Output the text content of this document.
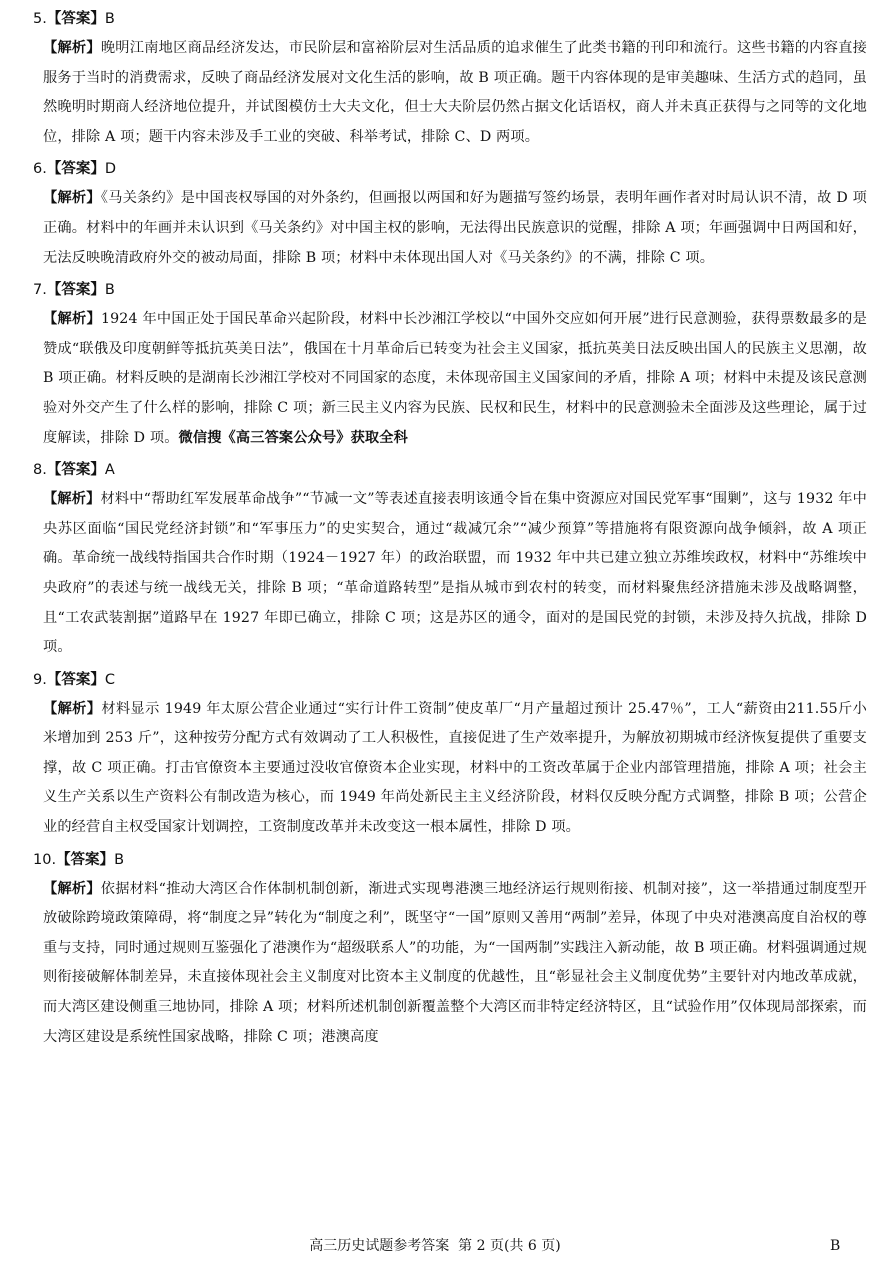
5.【答案】B

【解析】晚明江南地区商品经济发达，市民阶层和富裕阶层对生活品质的追求催生了此类书籍的刊印和流行。这些书籍的内容直接服务于当时的消费需求，反映了商品经济发展对文化生活的影响，故 B 项正确。题干内容体现的是审美趣味、生活方式的趋同，虽然晚明时期商人经济地位提升，并试图模仿士大夫文化，但士大夫阶层仍然占据文化话语权，商人并未真正获得与之同等的文化地位，排除 A 项；题干内容未涉及手工业的突破、科举考试，排除 C、D 两项。

6.【答案】D

【解析】《马关条约》是中国丧权辱国的对外条约，但画报以两国和好为题描写签约场景，表明年画作者对时局认识不清，故 D 项正确。材料中的年画并未认识到《马关条约》对中国主权的影响，无法得出民族意识的觉醒，排除 A 项；年画强调中日两国和好，无法反映晚清政府外交的被动局面，排除 B 项；材料中未体现出国人对《马关条约》的不满，排除 C 项。

7.【答案】B

【解析】1924 年中国正处于国民革命兴起阶段，材料中长沙湘江学校以“中国外交应如何开展”进行民意测验，获得票数最多的是赞成“联俄及印度朝鲜等抵抗英美日法”，俄国在十月革命后已转变为社会主义国家，抵抗英美日法反映出国人的民族主义思潮，故 B 项正确。材料反映的是湖南长沙湘江学校对不同国家的态度，未体现帝国主义国家间的矛盾，排除 A 项；材料中未提及该民意测验对外交产生了什么样的影响，排除 C 项；新三民主义内容为民族、民权和民生，材料中的民意测验未全面涉及这些理论，属于过度解读，排除 D 项。微信搜《高三答案公众号》获取全科

8.【答案】A

【解析】材料中“帮助红军发展革命战争”“节减一文”等表述直接表明该通令旨在集中资源应对国民党军事“围剿”，这与 1932 年中央苏区面临“国民党经济封锁”和“军事压力”的史实契合，通过“裁减冗余”“减少预算”等措施将有限资源向战争倾斜，故 A 项正确。革命统一战线特指国共合作时期（1924－1927 年）的政治联盟，而 1932 年中共已建立独立苏维埃政权，材料中“苏维埃中央政府”的表述与统一战线无关，排除 B 项；“革命道路转型”是指从城市到农村的转变，而材料聚焦经济措施未涉及战略调整，且“工农武装割据”道路早在 1927 年即已确立，排除 C 项；这是苏区的通令，面对的是国民党的封锁，未涉及持久抗战，排除 D 项。

9.【答案】C

【解析】材料显示 1949 年太原公营企业通过“实行计件工资制”使皮革厂“月产量超过预计 25.47％”，工人“薪资由211.55斤小米增加到 253 斤”，这种按劳分配方式有效调动了工人积极性，直接促进了生产效率提升，为解放初期城市经济恢复提供了重要支撑，故 C 项正确。打击官僚资本主要通过没收官僚资本企业实现，材料中的工资改革属于企业内部管理措施，排除 A 项；社会主义生产关系以生产资料公有制改造为核心，而 1949 年尚处新民主主义经济阶段，材料仅反映分配方式调整，排除 B 项；公营企业的经营自主权受国家计划调控，工资制度改革并未改变这一根本属性，排除 D 项。

10.【答案】B

【解析】依据材料“推动大湾区合作体制机制创新，渐进式实现粤港澳三地经济运行规则衔接、机制对接”，这一举措通过制度型开放破除跨境政策障碍，将“制度之异”转化为“制度之利”，既坚守“一国”原则又善用“两制”差异，体现了中央对港澳高度自治权的尊重与支持，同时通过规则互鉴强化了港澳作为“超级联系人”的功能，为“一国两制”实践注入新动能，故 B 项正确。材料强调通过规则衔接破解体制差异，未直接体现社会主义制度对比资本主义制度的优越性，且“彰显社会主义制度优势”主要针对内地改革成就，而大湾区建设侧重三地协同，排除 A 项；材料所述机制创新覆盖整个大湾区而非特定经济特区，且“试验作用”仅体现局部探索，而大湾区建设是系统性国家战略，排除 C 项；港澳高度

高三历史试题参考答案 第 2 页(共 6 页)	B
